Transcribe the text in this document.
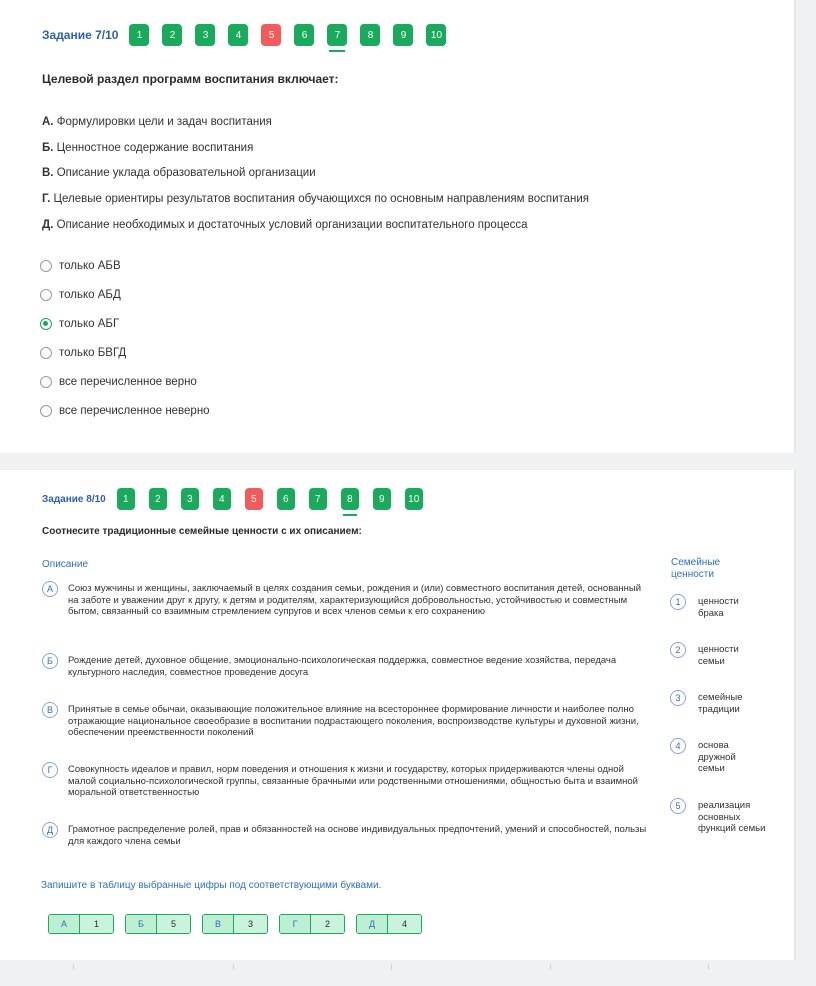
Задание 7/10	1	2	3	4	5	6	7	8	9	10
Целевой раздел программ воспитания включает:
А. Формулировки цели и задач воспитания
Б. Ценностное содержание воспитания
В. Описание уклада образовательной организации
Г. Целевые ориентиры результатов воспитания обучающихся по основным направлениям воспитания
Д. Описание необходимых и достаточных условий организации воспитательного процесса
только АБВ
только АБД
только АБГ
только БВГД
все перечисленное верно
все перечисленное неверно
Задание 8/10	1	2	3	4	5	6	7	8	9	10
Соотнесите традиционные семейные ценности с их описанием:
Описание	Семейные ценности
А	Союз мужчины и женщины, заключаемый в целях создания семьи, рождения и (или) совместного воспитания детей, основанный на заботе и уважении друг к другу, к детям и родителям, характеризующийся добровольностью, устойчивостью и совместным бытом, связанный со взаимным стремлением супругов и всех членов семьи к его сохранению
Б	Рождение детей, духовное общение, эмоционально-психологическая поддержка, совместное ведение хозяйства, передача культурного наследия, совместное проведение досуга
В	Принятые в семье обычаи, оказывающие положительное влияние на всестороннее формирование личности и наиболее полно отражающие национальное своеобразие в воспитании подрастающего поколения, воспроизводстве культуры и духовной жизни, обеспечении преемственности поколений
Г	Совокупность идеалов и правил, норм поведения и отношения к жизни и государству, которых придерживаются члены одной малой социально-психологической группы, связанные брачными или родственными отношениями, общностью быта и взаимной моральной ответственностью
Д	Грамотное распределение ролей, прав и обязанностей на основе индивидуальных предпочтений, умений и способностей, пользы для каждого члена семьи
1	ценности брака
2	ценности семьи
3	семейные традиции
4	основа дружной семьи
5	реализация основных функций семьи
Запишите в таблицу выбранные цифры под соответствующими буквами.
А	1	Б	5	В	3	Г	2	Д	4
